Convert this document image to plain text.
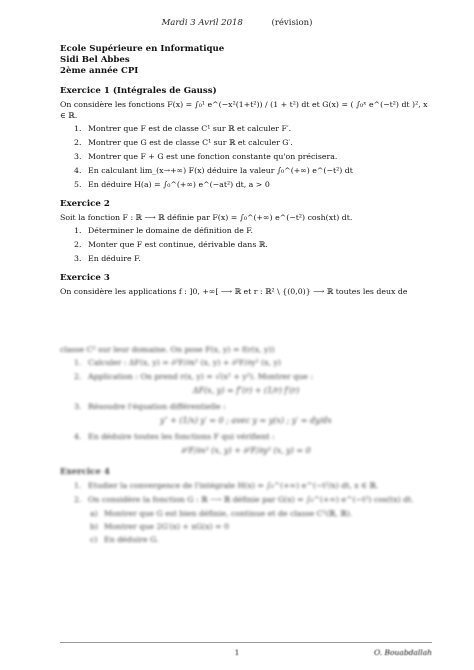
Mardi 3 Avril 2018	(révision)
Ecole Supérieure en Informatique
Sidi Bel Abbes
2ème année CPI
Exercice 1 (Intégrales de Gauss)
On considère les fonctions F(x) = ∫₀¹ e^(−x²(1+t²)) / (1 + t²) dt et G(x) = ( ∫₀ˣ e^(−t²) dt )², x ∈ ℝ.
1. Montrer que F est de classe C¹ sur ℝ et calculer F′.
2. Montrer que G est de classe C¹ sur ℝ et calculer G′.
3. Montrer que F + G est une fonction constante qu'on précisera.
4. En calculant lim_(x→+∞) F(x) déduire la valeur ∫₀^(+∞) e^(−t²) dt
5. En déduire H(a) = ∫₀^(+∞) e^(−at²) dt, a > 0
Exercice 2
Soit la fonction F : ℝ ⟶ ℝ définie par F(x) = ∫₀^(+∞) e^(−t²) cosh(xt) dt.
1. Déterminer le domaine de définition de F.
2. Monter que F est continue, dérivable dans ℝ.
3. En déduire F.
Exercice 3
On considère les applications f : ]0, +∞[ ⟶ ℝ et r : ℝ² \ {(0,0)} ⟶ ℝ toutes les deux de
classe C² sur leur domaine. On pose F(x, y) = f(r(x, y))
1. Calculer : ΔF(x, y) = ∂²F/∂x² (x, y) + ∂²F/∂y² (x, y)
2. Application : On prend r(x, y) = √(x² + y²). Montrer que :
ΔF(x, y) = f″(r) + (1/r) f′(r)
3. Résoudre l'équation différentielle :
y″ + (1/x) y′ = 0 ; avec y = y(x) ; y′ = dy/dx
4. En déduire toutes les fonctions F qui vérifient :
∂²F/∂x² (x, y) + ∂²F/∂y² (x, y) = 0
Exercice 4
1. Etudier la convergence de l'intégrale H(x) = ∫₀^(+∞) e^(−t²/x) dt, x ∈ ℝ.
2. On considère la fonction G : ℝ ⟶ ℝ définie par G(x) = ∫₀^(+∞) e^(−t²) cos(tx) dt.
a) Montrer que G est bien définie, continue et de classe C¹(ℝ, ℝ).
b) Montrer que 2G′(x) + xG(x) = 0
c) En déduire G.
1	O. Bouabdallah
